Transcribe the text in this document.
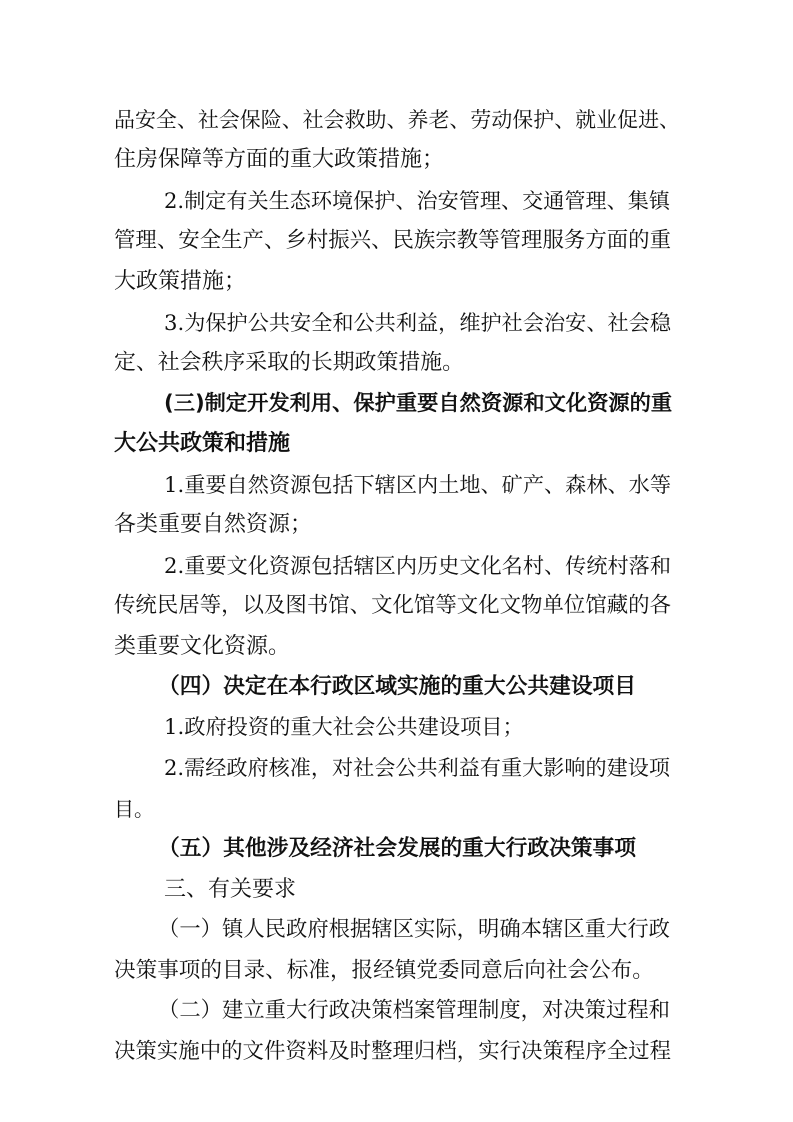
品安全、社会保险、社会救助、养老、劳动保护、就业促进、
住房保障等方面的重大政策措施；
2.制定有关生态环境保护、治安管理、交通管理、集镇
管理、安全生产、乡村振兴、民族宗教等管理服务方面的重
大政策措施；
3.为保护公共安全和公共利益，维护社会治安、社会稳
定、社会秩序采取的长期政策措施。
(三)制定开发利用、保护重要自然资源和文化资源的重
大公共政策和措施
1.重要自然资源包括下辖区内土地、矿产、森林、水等
各类重要自然资源；
2.重要文化资源包括辖区内历史文化名村、传统村落和
传统民居等，以及图书馆、文化馆等文化文物单位馆藏的各
类重要文化资源。
（四）决定在本行政区域实施的重大公共建设项目
1.政府投资的重大社会公共建设项目；
2.需经政府核准，对社会公共利益有重大影响的建设项
目。
（五）其他涉及经济社会发展的重大行政决策事项
三、有关要求
（一）镇人民政府根据辖区实际，明确本辖区重大行政
决策事项的目录、标准，报经镇党委同意后向社会公布。
（二）建立重大行政决策档案管理制度，对决策过程和
决策实施中的文件资料及时整理归档，实行决策程序全过程
